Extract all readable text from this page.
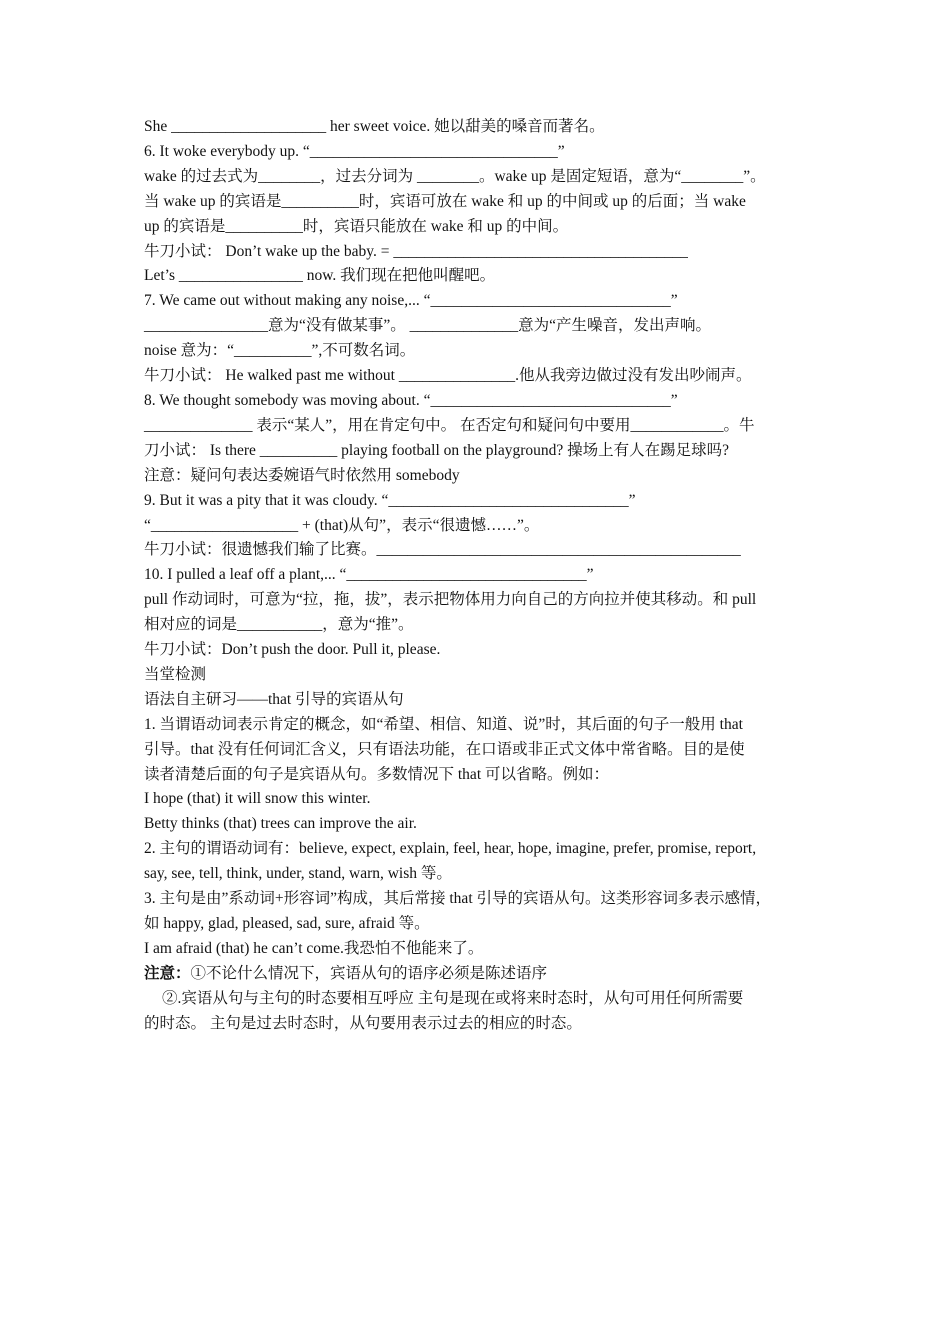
She ____________________ her sweet voice. 她以甜美的嗓音而著名。

6. It woke everybody up. “________________________________”

wake 的过去式为________，过去分词为 ________。wake up 是固定短语，意为“________”。

当 wake up 的宾语是__________时，宾语可放在 wake 和 up 的中间或 up 的后面；当 wake

up 的宾语是__________时，宾语只能放在 wake 和 up 的中间。

牛刀小试： Don’t wake up the baby. = ______________________________________

Let’s ________________ now. 我们现在把他叫醒吧。

7. We came out without making any noise,... “_______________________________”

________________意为“没有做某事”。 ______________意为“产生噪音，发出声响。

noise 意为：“__________”,不可数名词。

牛刀小试： He walked past me without _______________.他从我旁边做过没有发出吵闹声。

8. We thought somebody was moving about. “_______________________________”

______________ 表示“某人”，用在肯定句中。 在否定句和疑问句中要用____________。牛

刀小试： Is there __________ playing football on the playground? 操场上有人在踢足球吗?

注意：疑问句表达委婉语气时依然用 somebody

9. But it was a pity that it was cloudy. “_______________________________”

“___________________ + (that)从句”，表示“很遗憾……”。

牛刀小试：很遗憾我们输了比赛。_______________________________________________

10. I pulled a leaf off a plant,... “_______________________________”

pull 作动词时，可意为“拉，拖，拔”，表示把物体用力向自己的方向拉并使其移动。和 pull

相对应的词是___________，意为“推”。

牛刀小试：Don’t push the door. Pull it, please.

当堂检测

语法自主研习——that 引导的宾语从句

1. 当谓语动词表示肯定的概念，如“希望、相信、知道、说”时，其后面的句子一般用 that

引导。that 没有任何词汇含义，只有语法功能，在口语或非正式文体中常省略。目的是使

读者清楚后面的句子是宾语从句。多数情况下 that 可以省略。例如：

I hope (that) it will snow this winter.

Betty thinks (that) trees can improve the air.

2. 主句的谓语动词有：believe, expect, explain, feel, hear, hope, imagine, prefer, promise, report,

say, see, tell, think, under, stand, warn, wish 等。

3. 主句是由”系动词+形容词”构成，其后常接 that 引导的宾语从句。这类形容词多表示感情，

如 happy, glad, pleased, sad, sure, afraid 等。

I am afraid (that) he can’t come.我恐怕不他能来了。

注意：①不论什么情况下，宾语从句的语序必须是陈述语序

②.宾语从句与主句的时态要相互呼应 主句是现在或将来时态时，从句可用任何所需要

的时态。 主句是过去时态时，从句要用表示过去的相应的时态。
